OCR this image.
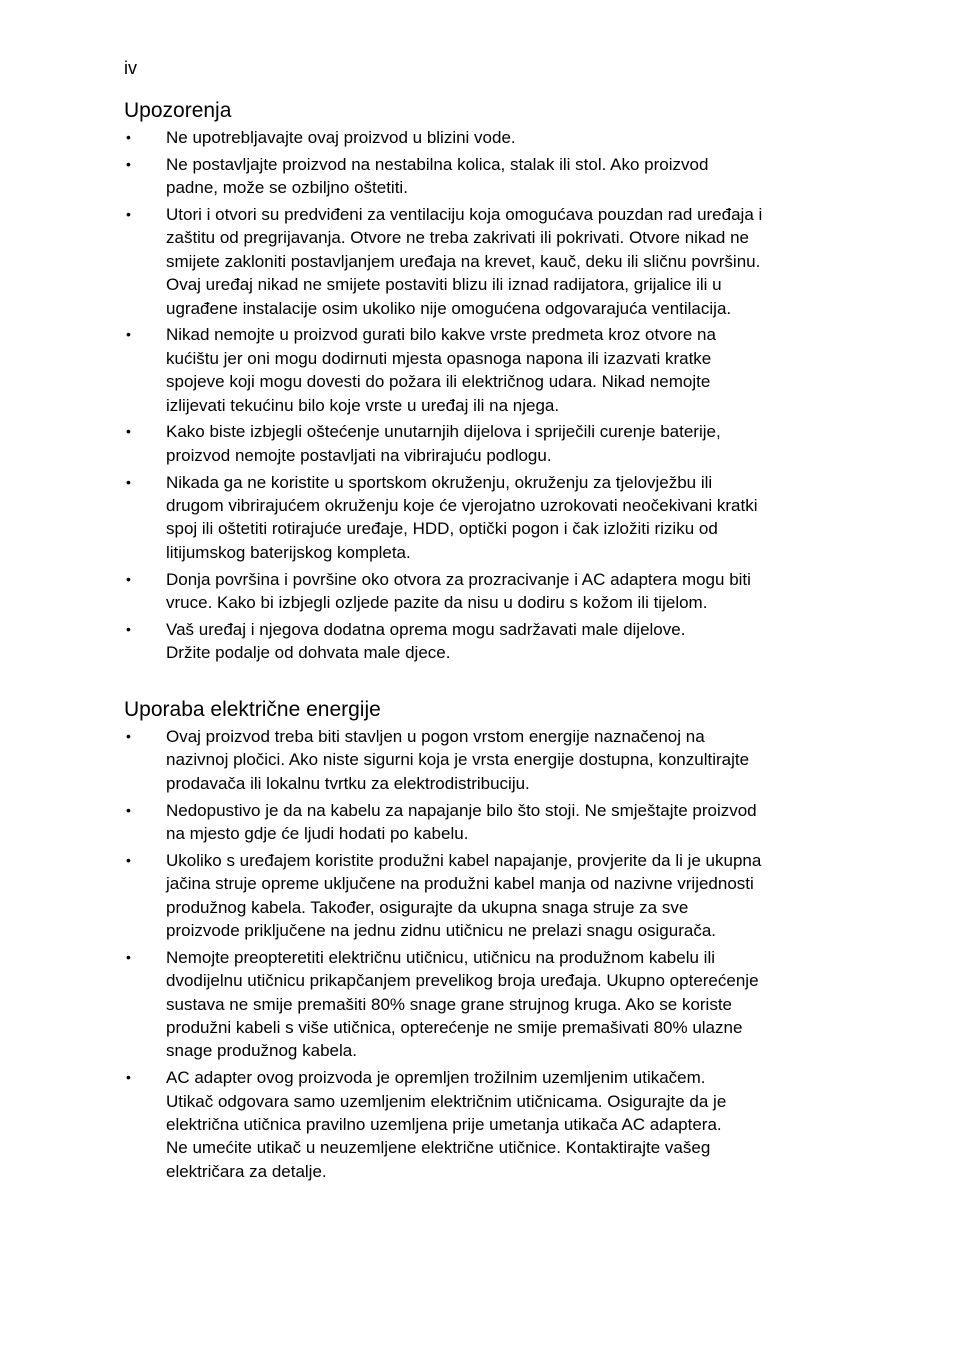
iv
Upozorenja
• Ne upotrebljavajte ovaj proizvod u blizini vode.
• Ne postavljajte proizvod na nestabilna kolica, stalak ili stol. Ako proizvod
padne, može se ozbiljno oštetiti.
• Utori i otvori su predviđeni za ventilaciju koja omogućava pouzdan rad uređaja i
zaštitu od pregrijavanja. Otvore ne treba zakrivati ili pokrivati. Otvore nikad ne
smijete zakloniti postavljanjem uređaja na krevet, kauč, deku ili sličnu površinu.
Ovaj uređaj nikad ne smijete postaviti blizu ili iznad radijatora, grijalice ili u
ugrađene instalacije osim ukoliko nije omogućena odgovarajuća ventilacija.
• Nikad nemojte u proizvod gurati bilo kakve vrste predmeta kroz otvore na
kućištu jer oni mogu dodirnuti mjesta opasnoga napona ili izazvati kratke
spojeve koji mogu dovesti do požara ili električnog udara. Nikad nemojte
izlijevati tekućinu bilo koje vrste u uređaj ili na njega.
• Kako biste izbjegli oštećenje unutarnjih dijelova i spriječili curenje baterije,
proizvod nemojte postavljati na vibrirajuću podlogu.
• Nikada ga ne koristite u sportskom okruženju, okruženju za tjelovježbu ili
drugom vibrirajućem okruženju koje će vjerojatno uzrokovati neočekivani kratki
spoj ili oštetiti rotirajuće uređaje, HDD, optički pogon i čak izložiti riziku od
litijumskog baterijskog kompleta.
• Donja površina i površine oko otvora za prozracivanje i AC adaptera mogu biti
vruce. Kako bi izbjegli ozljede pazite da nisu u dodiru s kožom ili tijelom.
• Vaš uređaj i njegova dodatna oprema mogu sadržavati male dijelove.
Držite podalje od dohvata male djece.
Uporaba električne energije
• Ovaj proizvod treba biti stavljen u pogon vrstom energije naznačenoj na
nazivnoj pločici. Ako niste sigurni koja je vrsta energije dostupna, konzultirajte
prodavača ili lokalnu tvrtku za elektrodistribuciju.
• Nedopustivo je da na kabelu za napajanje bilo što stoji. Ne smještajte proizvod
na mjesto gdje će ljudi hodati po kabelu.
• Ukoliko s uređajem koristite produžni kabel napajanje, provjerite da li je ukupna
jačina struje opreme uključene na produžni kabel manja od nazivne vrijednosti
produžnog kabela. Također, osigurajte da ukupna snaga struje za sve
proizvode priključene na jednu zidnu utičnicu ne prelazi snagu osigurača.
• Nemojte preopteretiti električnu utičnicu, utičnicu na produžnom kabelu ili
dvodijelnu utičnicu prikapčanjem prevelikog broja uređaja. Ukupno opterećenje
sustava ne smije premašiti 80% snage grane strujnog kruga. Ako se koriste
produžni kabeli s više utičnica, opterećenje ne smije premašivati 80% ulazne
snage produžnog kabela.
• AC adapter ovog proizvoda je opremljen trožilnim uzemljenim utikačem.
Utikač odgovara samo uzemljenim električnim utičnicama. Osigurajte da je
električna utičnica pravilno uzemljena prije umetanja utikača AC adaptera.
Ne umećite utikač u neuzemljene električne utičnice. Kontaktirajte vašeg
električara za detalje.
